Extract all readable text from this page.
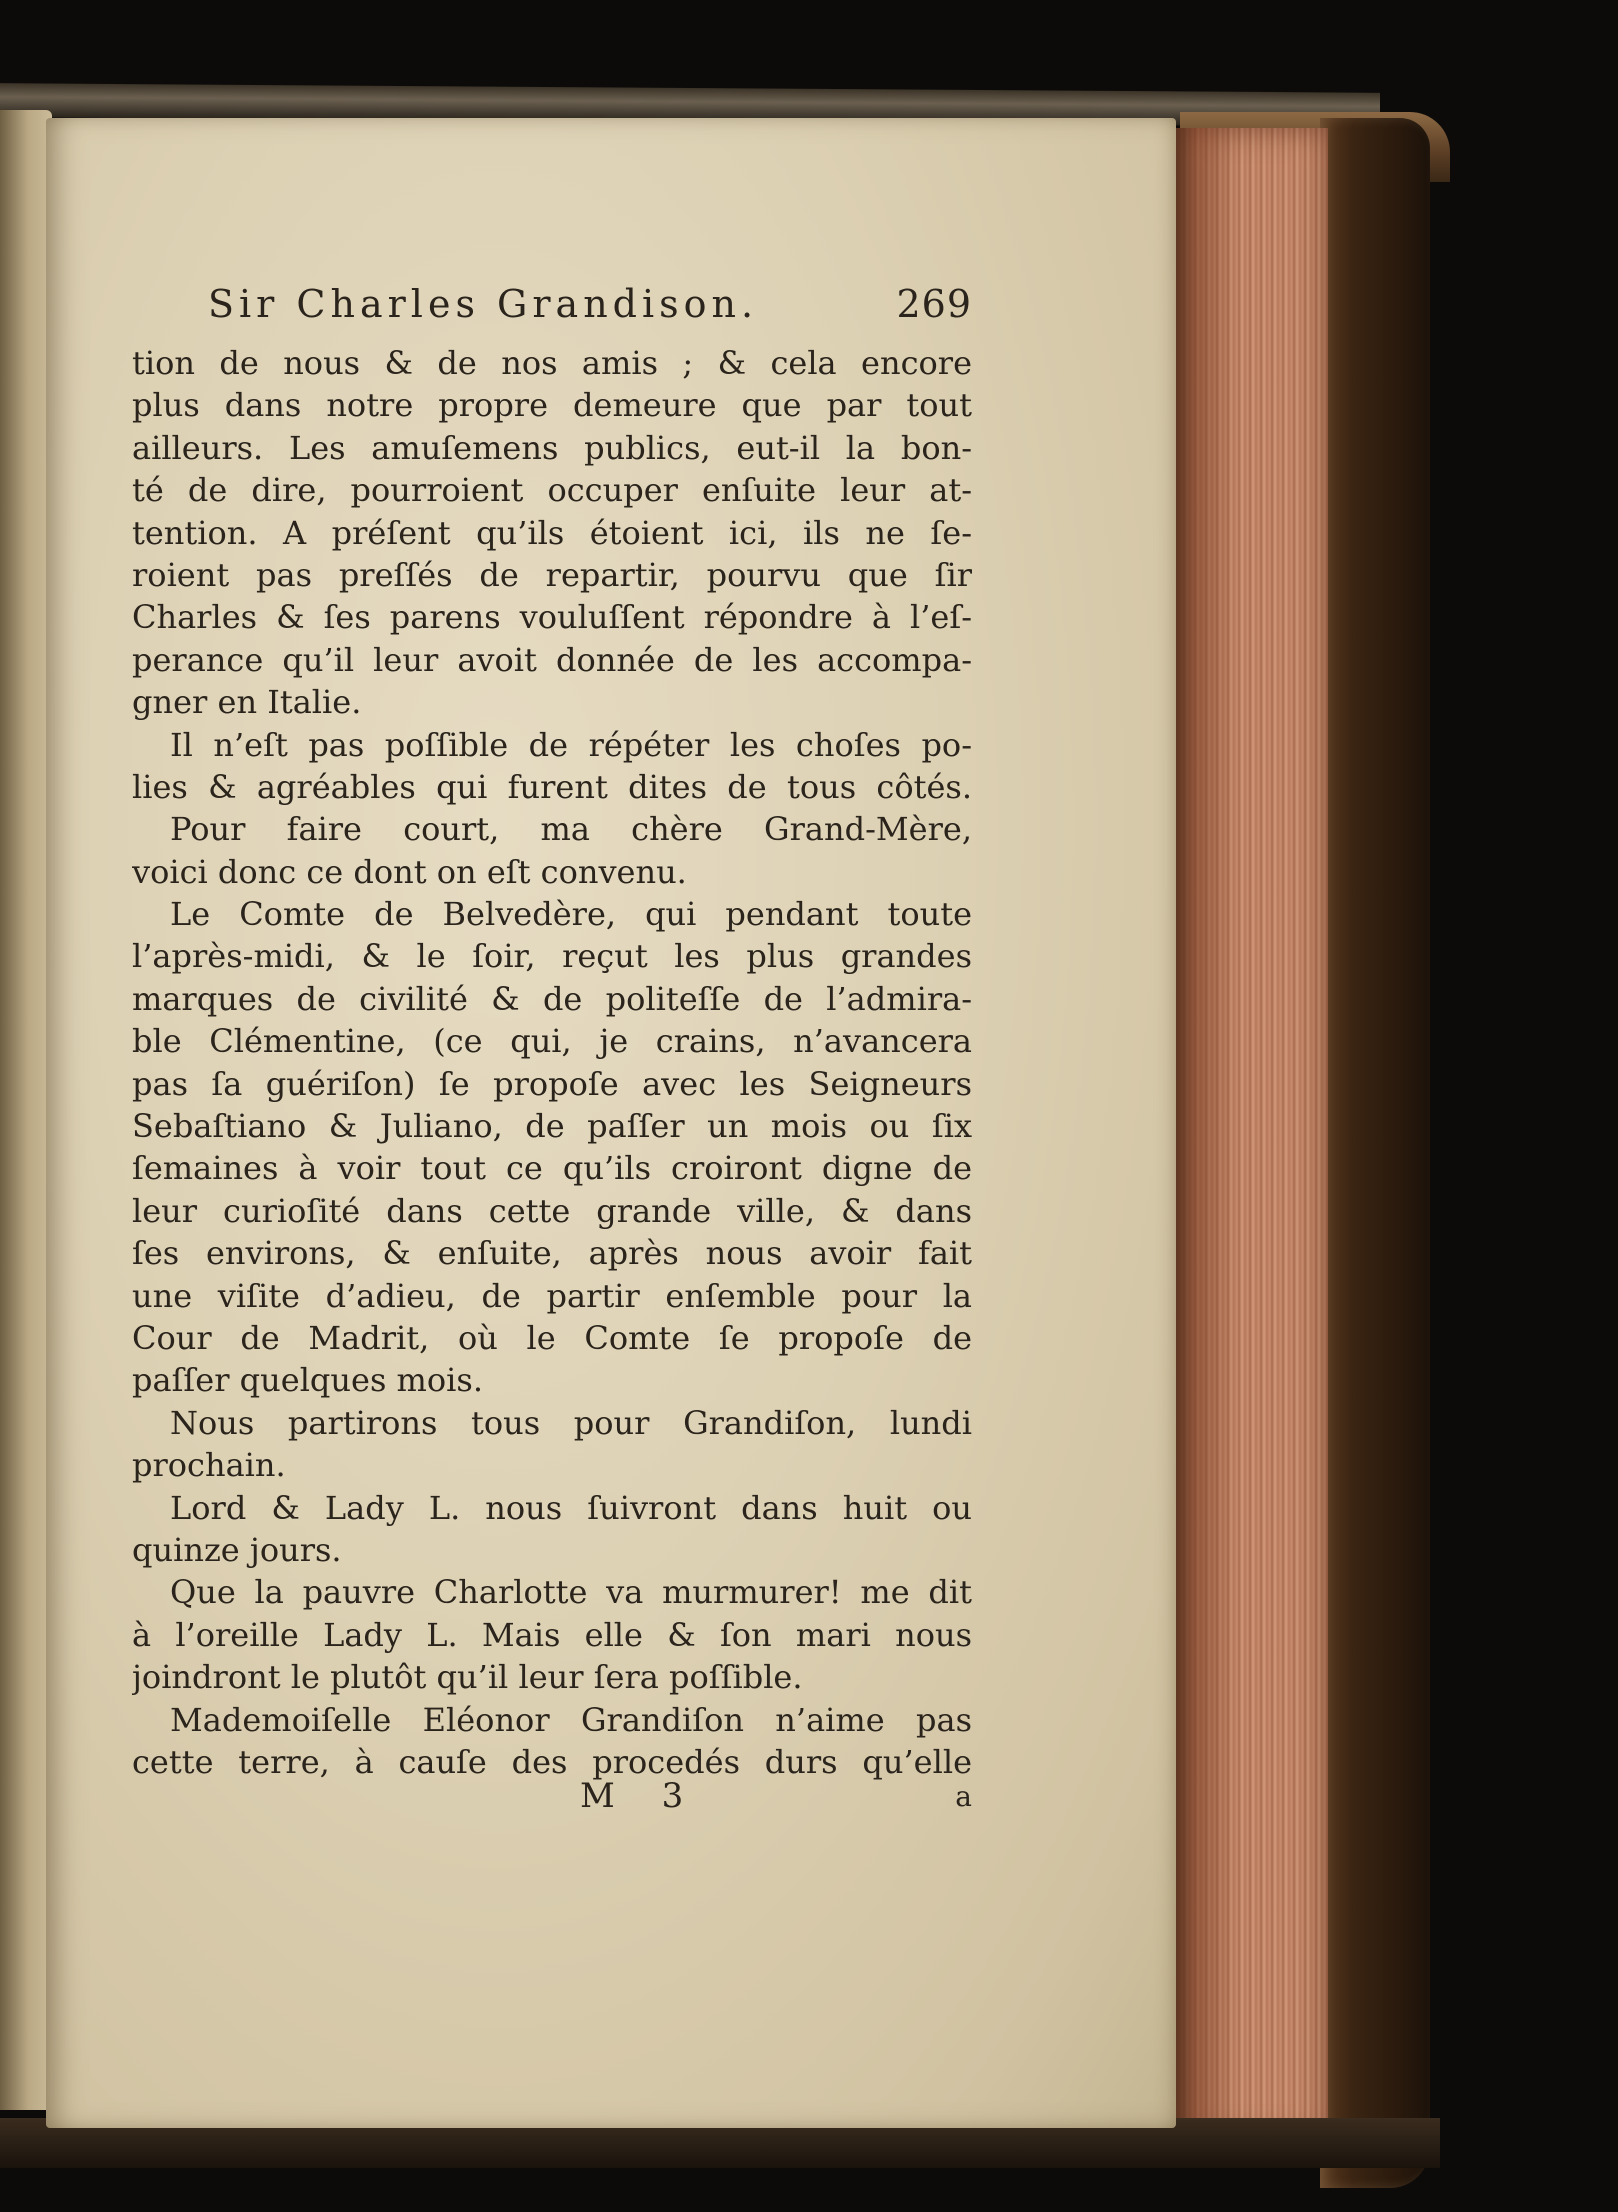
Sir Charles Grandison.	269
tion de nous & de nos amis ; & cela encore
plus dans notre propre demeure que par tout
ailleurs. Les amuſemens publics, eut-il la bon-
té de dire, pourroient occuper enſuite leur at-
tention. A préſent qu’ils étoient ici, ils ne ſe-
roient pas preſſés de repartir, pourvu que ſir
Charles & ſes parens vouluſſent répondre à l’eſ-
perance qu’il leur avoit donnée de les accompa-
gner en Italie.
Il n’eſt pas poſſible de répéter les choſes po-
lies & agréables qui furent dites de tous côtés.
Pour faire court, ma chère Grand-Mère,
voici donc ce dont on eſt convenu.
Le Comte de Belvedère, qui pendant toute
l’après-midi, & le ſoir, reçut les plus grandes
marques de civilité & de politeſſe de l’admira-
ble Clémentine, (ce qui, je crains, n’avancera
pas ſa guériſon) ſe propoſe avec les Seigneurs
Sebaſtiano & Juliano, de paſſer un mois ou ſix
ſemaines à voir tout ce qu’ils croiront digne de
leur curioſité dans cette grande ville, & dans
ſes environs, & enſuite, après nous avoir fait
une viſite d’adieu, de partir enſemble pour la
Cour de Madrit, où le Comte ſe propoſe de
paſſer quelques mois.
Nous partirons tous pour Grandiſon, lundi
prochain.
Lord & Lady L. nous ſuivront dans huit ou
quinze jours.
Que la pauvre Charlotte va murmurer! me dit
à l’oreille Lady L. Mais elle & ſon mari nous
joindront le plutôt qu’il leur ſera poſſible.
Mademoiſelle Eléonor Grandiſon n’aime pas
cette terre, à cauſe des procedés durs qu’elle
M 3	a
